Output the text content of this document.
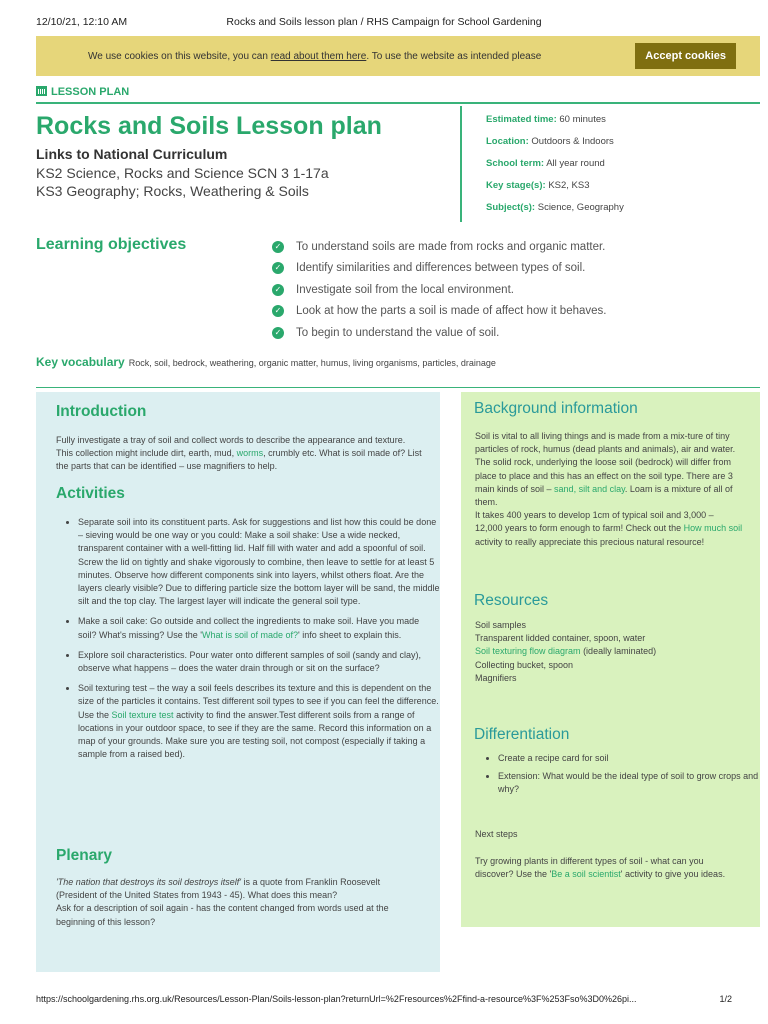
12/10/21, 12:10 AM	Rocks and Soils lesson plan / RHS Campaign for School Gardening
We use cookies on this website, you can read about them here. To use the website as intended please	Accept cookies
LESSON PLAN
Rocks and Soils Lesson plan
Links to National Curriculum
KS2 Science, Rocks and Science SCN 3 1-17a
KS3 Geography; Rocks, Weathering & Soils
Estimated time: 60 minutes
Location: Outdoors & Indoors
School term: All year round
Key stage(s): KS2, KS3
Subject(s): Science, Geography
Learning objectives	✓ To understand soils are made from rocks and organic matter.
✓ Identify similarities and differences between types of soil.
✓ Investigate soil from the local environment.
✓ Look at how the parts a soil is made of affect how it behaves.
✓ To begin to understand the value of soil.
Key vocabulary Rock, soil, bedrock, weathering, organic matter, humus, living organisms, particles, drainage
Introduction
Fully investigate a tray of soil and collect words to describe the appearance and texture. This collection might include dirt, earth, mud, worms, crumbly etc. What is soil made of? List the parts that can be identified – use magnifiers to help.
Activities
• Separate soil into its constituent parts. Ask for suggestions and list how this could be done – sieving would be one way or you could: Make a soil shake: Use a wide necked, transparent container with a well-fitting lid. Half fill with water and add a spoonful of soil. Screw the lid on tightly and shake vigorously to combine, then leave to settle for at least 5 minutes. Observe how different components sink into layers, whilst others float. Are the layers clearly visible? Due to differing particle size the bottom layer will be sand, the middle silt and the top clay. The largest layer will indicate the general soil type.
• Make a soil cake: Go outside and collect the ingredients to make soil. Have you made soil? What's missing? Use the 'What is soil of made of?' info sheet to explain this.
• Explore soil characteristics. Pour water onto different samples of soil (sandy and clay), observe what happens – does the water drain through or sit on the surface?
• Soil texturing test – the way a soil feels describes its texture and this is dependent on the size of the particles it contains. Test different soil types to see if you can feel the difference. Use the Soil texture test activity to find the answer.Test different soils from a range of locations in your outdoor space, to see if they are the same. Record this information on a map of your grounds. Make sure you are testing soil, not compost (especially if taking a sample from a raised bed).
Plenary
'The nation that destroys its soil destroys itself' is a quote from Franklin Roosevelt (President of the United States from 1943 - 45). What does this mean?
Ask for a description of soil again - has the content changed from words used at the beginning of this lesson?
Background information
Soil is vital to all living things and is made from a mix-ture of tiny particles of rock, humus (dead plants and animals), air and water.
The solid rock, underlying the loose soil (bedrock) will differ from place to place and this has an effect on the soil type. There are 3 main kinds of soil – sand, silt and clay. Loam is a mixture of all of them.
It takes 400 years to develop 1cm of typical soil and 3,000 – 12,000 years to form enough to farm! Check out the How much soil activity to really appreciate this precious natural resource!
Resources
Soil samples
Transparent lidded container, spoon, water
Soil texturing flow diagram (ideally laminated)
Collecting bucket, spoon
Magnifiers
Differentiation
• Create a recipe card for soil
• Extension: What would be the ideal type of soil to grow crops and why?
Next steps
Try growing plants in different types of soil - what can you discover? Use the 'Be a soil scientist' activity to give you ideas.
https://schoolgardening.rhs.org.uk/Resources/Lesson-Plan/Soils-lesson-plan?returnUrl=%2Fresources%2Ffind-a-resource%3F%253Fso%3D0%26pi...	1/2
